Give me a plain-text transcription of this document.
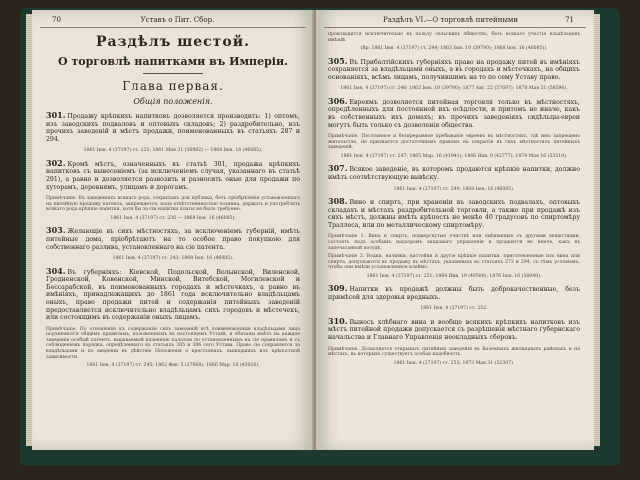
70	Уставъ о Пит. Сбор.
Раздѣлъ шестой.
О торговлѣ напитками въ Имперіи.
Глава первая.
Общія положенія.
301. Продажу крѣпкихъ напитковъ дозволяется производить: 1) оптомъ, изъ заводскихъ подваловъ и оптовыхъ складовъ; 2) раздробительно, изъ прочихъ заведеній и мѣстъ продажи, поименованныхъ въ статьяхъ 287 и 294.
1861 Іюн. 4 (37197) ст. 233; 1861 Мая 31 (36982) — 1868 Іюн. 16 (46085).
302. Кромѣ мѣстъ, означенныхъ въ статьѣ 301, продажа крѣпкихъ напитковъ съ вынесеніемъ (за исключеніемъ случая, указаннаго въ статьѣ 291), а равно и дозволяется развозить и разносить оные для продажи по хуторамъ, деревнямъ, улицамъ и дорогамъ.
Примѣчаніе. Въ заведеніяхъ всякаго рода, открытыхъ для публики, безъ пріобрѣтенія установленнаго на питейную продажу патента, запрещается, подъ отвѣтственностью хозяина, держать и употреблять всякаго рода крѣпкіе напитки, хотя бы за сіи напитки платы не было требуемо.
1861 Іюн. 4 (37197) ст. 236 — 1868 Іюн. 16 (46085).
303. Желающіе въ сихъ мѣстностяхъ, за исключеніемъ губерній, имѣть питейные дома, пріобрѣтаютъ на то особое право покупкою для собственнаго разлива, установленнаго на сіе патента.
1861 Іюн. 4 (37197) ст. 243; 1868 Іюн. 16 (46085).
304. Въ губерніяхъ: Кіевской, Подольской, Волынской, Виленской, Гродненской, Ковенской, Минской, Витебской, Могилевской и Бессарабской, въ поименованныхъ городахъ и мѣстечкахъ, а равно въ имѣніяхъ, принадлежащихъ до 1861 года исключительно владѣльцамъ оныхъ, право продажи питей и содержанія питейныхъ заведеній предоставляется исключительно владѣльцамъ сихъ городовъ и мѣстечекъ, или состоящимъ въ содержаніи оныхъ лицамъ.
Примѣчаніе. По отношенію къ содержанію сихъ заведеній всѣ поименованныя владѣльцами лица подчиняются общимъ правиламъ, изложеннымъ въ настоящемъ Уставѣ, и обязаны имѣть на каждое заведеніе особый патентъ, выдаваемый казенною палатою по установленнымъ на сіе правиламъ и съ соблюденіемъ порядка, опредѣленнаго въ статьяхъ 305 и 306 сего Устава. Право сіе сохраняется за владѣльцами и по введеніи въ дѣйствіе Положенія о крестьянахъ, вышедшихъ изъ крѣпостной зависимости.
1861 Іюн. 4 (37197) ст. 245; 1862 Фев. 5 (37968); 1866 Мар. 10 (43026).
Раздѣлъ VI.—О торговлѣ питейными	71
производится исключительно въ пользу сельскихъ обществъ, безъ всякаго участія владѣльцевъ имѣній.
(Вр. 1861 Іюн. 4 (37197) ст. 244; 1863 Іюн. 10 (39790); 1868 Іюн. 16 (46085)).
305. Въ Прибалтійскихъ губерніяхъ право на продажу питей въ имѣніяхъ сохраняется за владѣльцами оныхъ, а въ городахъ и мѣстечкахъ, на общихъ основаніяхъ, всѣмъ лицамъ, получившимъ на то по сему Уставу право.
1861 Іюн. 4 (37197) ст. 246; 1863 Іюн. 10 (39790); 1877 Авг. 22 (57697); 1878 Мая 31 (58596).
306. Евреямъ дозволяется питейная торговля только въ мѣстностяхъ, опредѣленныхъ для постоянной ихъ осѣдлости, и притомъ не иначе, какъ въ собственныхъ ихъ домахъ; въ прочихъ заведеніяхъ сидѣльцы-евреи могутъ быть только съ дозволенія общества.
Примѣчаніе. Постоянное и безпрерывное пребываніе евреевъ въ мѣстностяхъ, гдѣ имъ запрещено жительство, не признается достаточнымъ правомъ на открытіе въ сихъ мѣстностяхъ питейныхъ заведеній.
1861 Іюн. 4 (37197) ст. 247; 1865 Мар. 16 (41941); 1866 Янв. 9 (42777); 1874 Мая 16 (53519).
307. Всякое заведеніе, въ которомъ продаются крѣпкіе напитки, должно имѣть соотвѣтствующую вывѣску.
1861 Іюн. 4 (37197) ст. 249; 1868 Іюн. 16 (46085).
308. Вино и спиртъ, при храненіи въ заводскихъ подвалахъ, оптовыхъ складахъ и мѣстахъ раздробительной торговли, а также при продажѣ изъ сихъ мѣстъ, должны имѣть крѣпость не менѣе 40 градусовъ по спиртомѣру Траллеса, или по металлическому спиртомѣру.
Примѣчаніе 1. Вина и спиртъ, подвергнутые очисткѣ или смѣшанные съ другими веществами, состоятъ подъ особымъ надзоромъ акцизнаго управленія и продаются не иначе, какъ въ запечатанной посудѣ.
Примѣчаніе 2. Водки, наливки, настойки и другіе крѣпкіе напитки, приготовленные изъ вина или спирта, допускаются въ продажу въ мѣстахъ, указанныхъ въ статьяхъ 273 и 294, съ тѣмъ условіемъ, чтобы они имѣли установленное клеймо.
1861 Іюн. 4 (37197) ст. 251; 1864 Янв. 19 (40588); 1876 Іюн. 16 (56049).
309. Напитки въ продажѣ должны быть доброкачественные, безъ примѣсей для здоровья вредныхъ.
1861 Іюн. 4 (37197) ст. 252.
310. Выносъ хлѣбнаго вина и вообще всякихъ крѣпкихъ напитковъ изъ мѣстъ питейной продажи допускается съ разрѣшенія мѣстнаго губернскаго начальства и Главнаго Управленія неокладныхъ сборовъ.
Примѣчаніе. Дозволяется открывать питейныя заведенія въ Казенныхъ жилищныхъ районахъ и на мѣстахъ, въ которыхъ существуетъ особая надобность.
1861 Іюн. 4 (37197) ст. 253; 1873 Мая 31 (52307).
